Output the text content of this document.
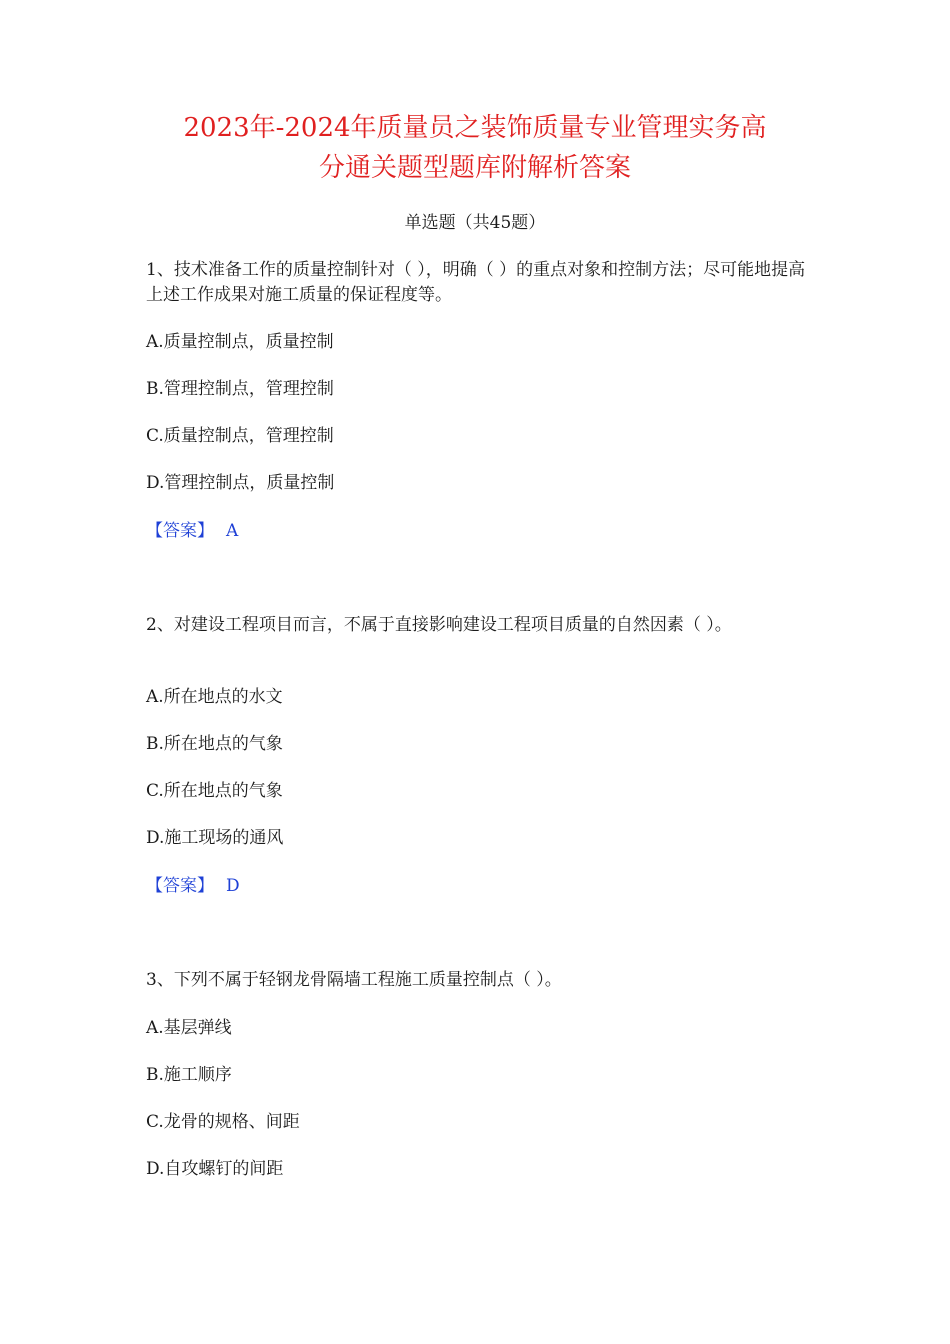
2023年-2024年质量员之装饰质量专业管理实务高
分通关题型题库附解析答案
单选题（共45题）

1、技术准备工作的质量控制针对（ ），明确（ ）的重点对象和控制方法；尽可能地提高上述工作成果对施工质量的保证程度等。

A.质量控制点，质量控制
B.管理控制点，管理控制
C.质量控制点，管理控制
D.管理控制点，质量控制
【答案】 A

2、对建设工程项目而言，不属于直接影响建设工程项目质量的自然因素（ ）。

A.所在地点的水文
B.所在地点的气象
C.所在地点的气象
D.施工现场的通风
【答案】 D

3、下列不属于轻钢龙骨隔墙工程施工质量控制点（ ）。

A.基层弹线
B.施工顺序
C.龙骨的规格、间距
D.自攻螺钉的间距
